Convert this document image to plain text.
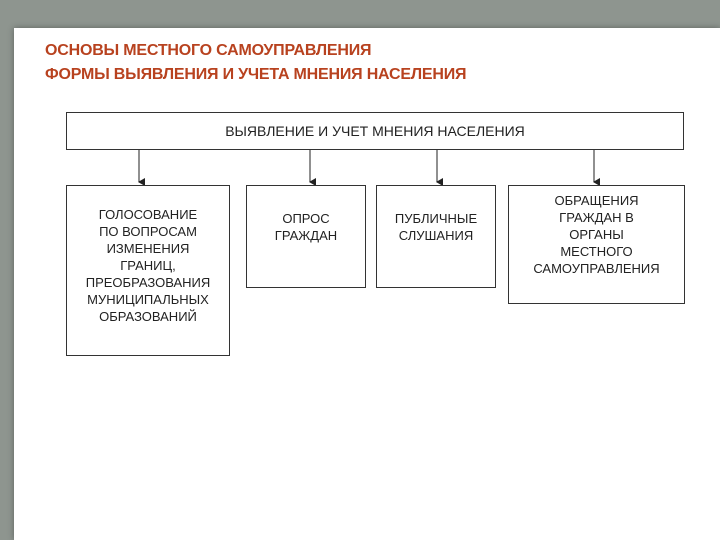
ОСНОВЫ МЕСТНОГО САМОУПРАВЛЕНИЯ
ФОРМЫ ВЫЯВЛЕНИЯ И УЧЕТА МНЕНИЯ НАСЕЛЕНИЯ
ВЫЯВЛЕНИЕ И УЧЕТ МНЕНИЯ НАСЕЛЕНИЯ
ГОЛОСОВАНИЕ
ПО ВОПРОСАМ
ИЗМЕНЕНИЯ
ГРАНИЦ,
ПРЕОБРАЗОВАНИЯ
МУНИЦИПАЛЬНЫХ
ОБРАЗОВАНИЙ
ОПРОС
ГРАЖДАН
ПУБЛИЧНЫЕ
СЛУШАНИЯ
ОБРАЩЕНИЯ
ГРАЖДАН В
ОРГАНЫ
МЕСТНОГО
САМОУПРАВЛЕНИЯ
